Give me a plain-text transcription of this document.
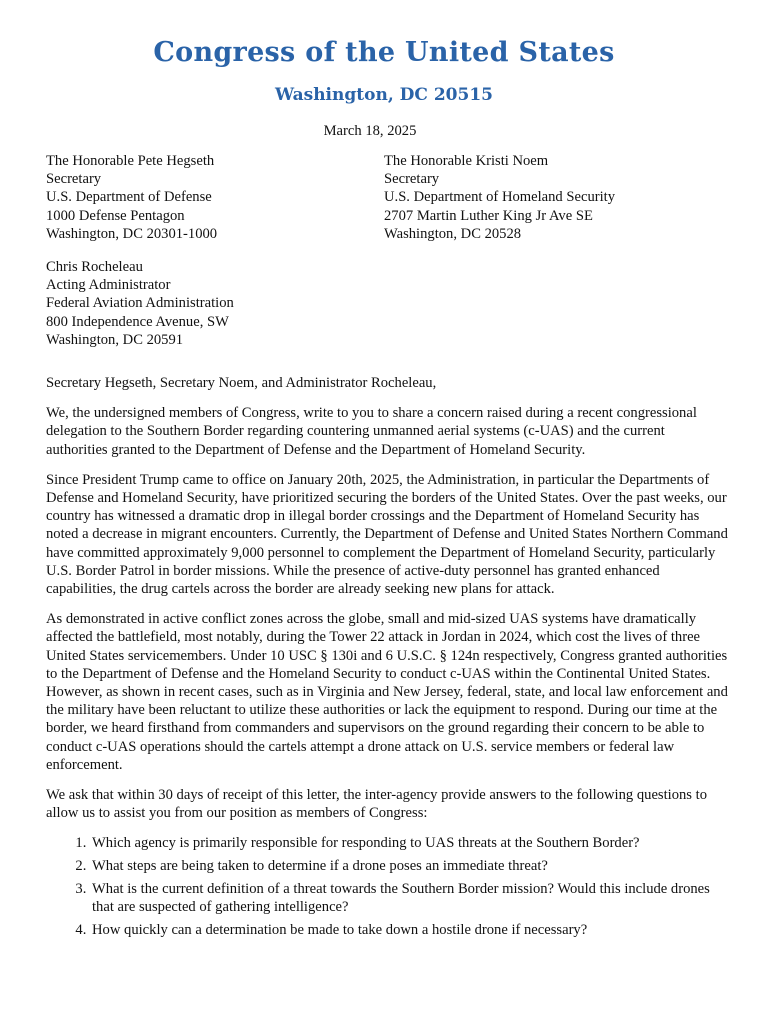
Congress of the United States
Washington, DC 20515
March 18, 2025
The Honorable Pete Hegseth
Secretary
U.S. Department of Defense
1000 Defense Pentagon
Washington, DC 20301-1000
The Honorable Kristi Noem
Secretary
U.S. Department of Homeland Security
2707 Martin Luther King Jr Ave SE
Washington, DC 20528
Chris Rocheleau
Acting Administrator
Federal Aviation Administration
800 Independence Avenue, SW
Washington, DC 20591

Secretary Hegseth, Secretary Noem, and Administrator Rocheleau,

We, the undersigned members of Congress, write to you to share a concern raised during a recent congressional delegation to the Southern Border regarding countering unmanned aerial systems (c-UAS) and the current authorities granted to the Department of Defense and the Department of Homeland Security.

Since President Trump came to office on January 20th, 2025, the Administration, in particular the Departments of Defense and Homeland Security, have prioritized securing the borders of the United States. Over the past weeks, our country has witnessed a dramatic drop in illegal border crossings and the Department of Homeland Security has noted a decrease in migrant encounters. Currently, the Department of Defense and United States Northern Command have committed approximately 9,000 personnel to complement the Department of Homeland Security, particularly U.S. Border Patrol in border missions. While the presence of active-duty personnel has granted enhanced capabilities, the drug cartels across the border are already seeking new plans for attack.

As demonstrated in active conflict zones across the globe, small and mid-sized UAS systems have dramatically affected the battlefield, most notably, during the Tower 22 attack in Jordan in 2024, which cost the lives of three United States servicemembers. Under 10 USC § 130i and 6 U.S.C. § 124n respectively, Congress granted authorities to the Department of Defense and the Homeland Security to conduct c-UAS within the Continental United States. However, as shown in recent cases, such as in Virginia and New Jersey, federal, state, and local law enforcement and the military have been reluctant to utilize these authorities or lack the equipment to respond. During our time at the border, we heard firsthand from commanders and supervisors on the ground regarding their concern to be able to conduct c-UAS operations should the cartels attempt a drone attack on U.S. service members or federal law enforcement.

We ask that within 30 days of receipt of this letter, the inter-agency provide answers to the following questions to allow us to assist you from our position as members of Congress:

1. Which agency is primarily responsible for responding to UAS threats at the Southern Border?
2. What steps are being taken to determine if a drone poses an immediate threat?
3. What is the current definition of a threat towards the Southern Border mission? Would this include drones that are suspected of gathering intelligence?
4. How quickly can a determination be made to take down a hostile drone if necessary?
